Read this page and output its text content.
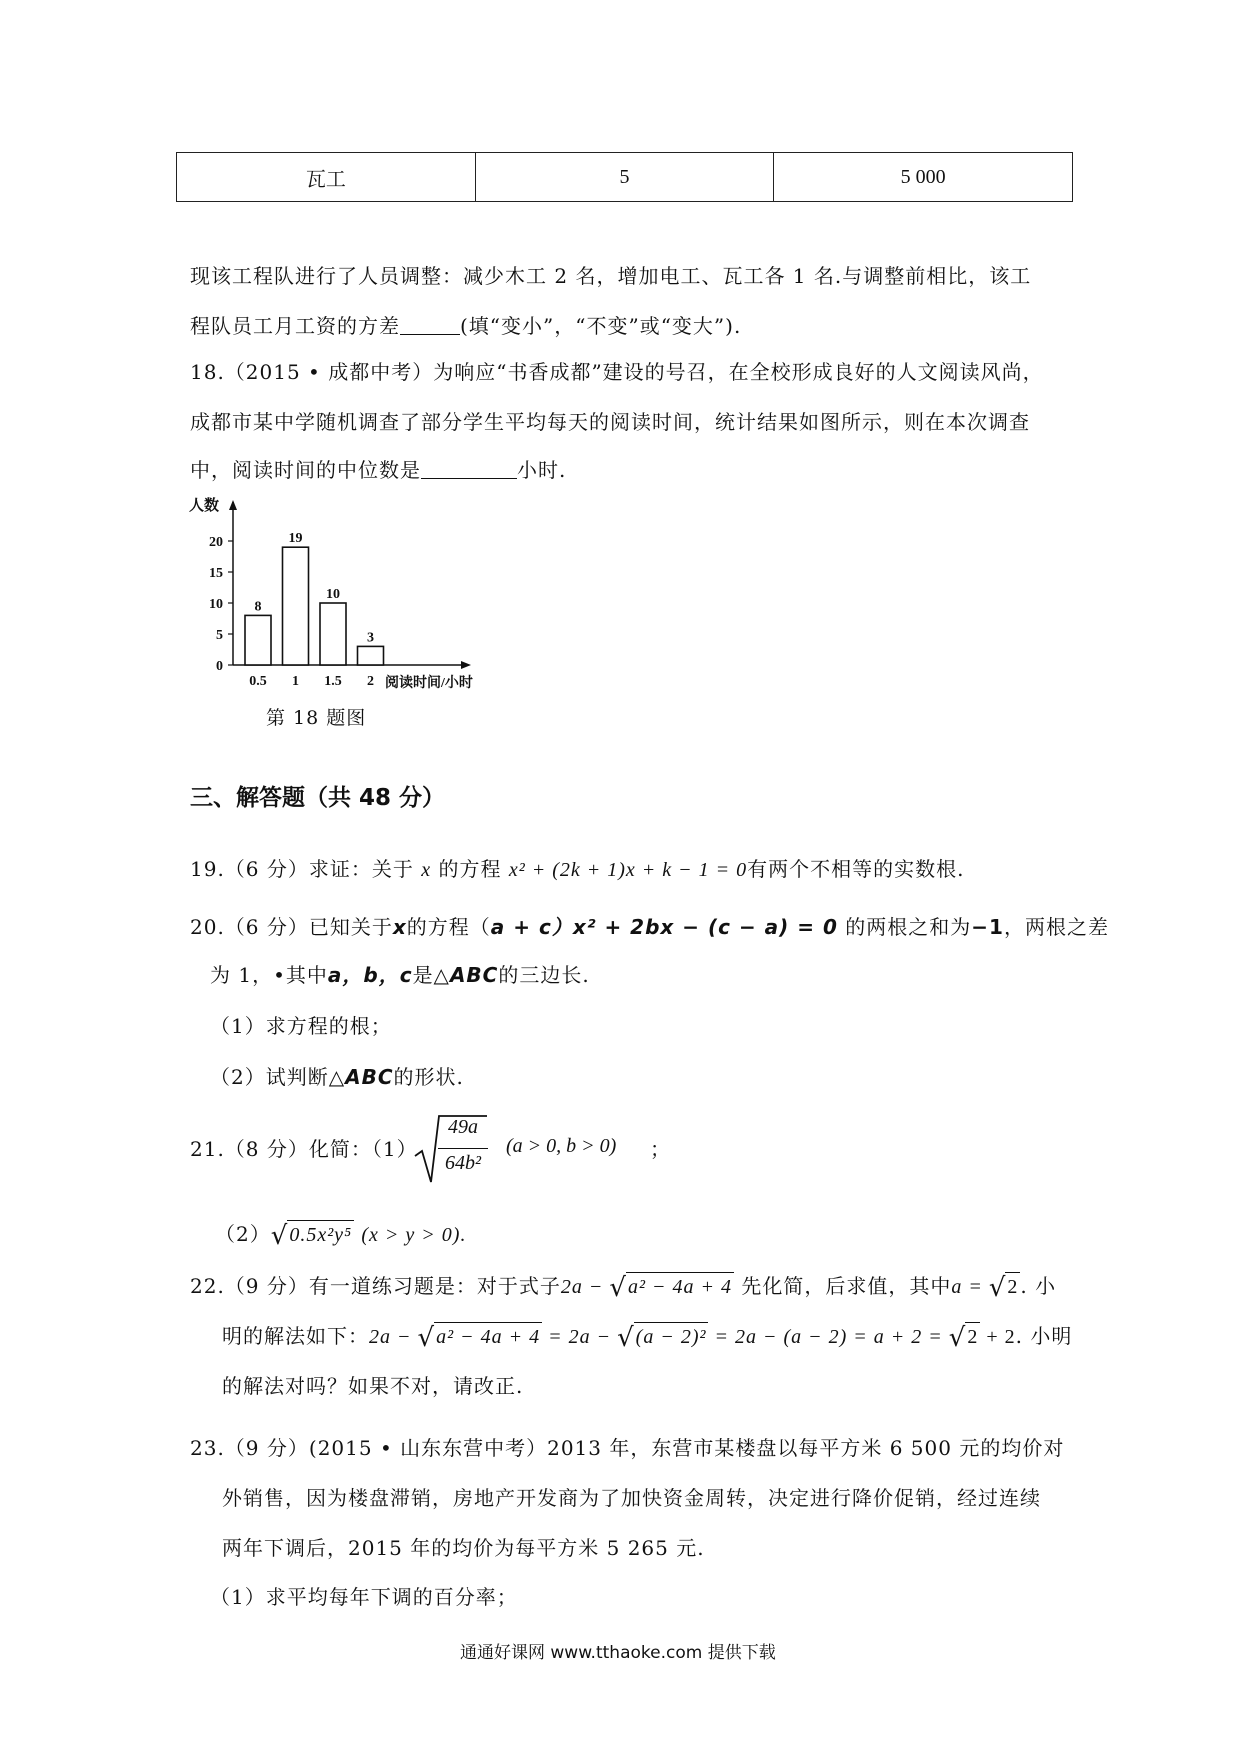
瓦工	5	5 000
现该工程队进行了人员调整：减少木工 2 名，增加电工、瓦工各 1 名.与调整前相比，该工
程队员工月工资的方差	(填“变小”，“不变”或“变大”).
18.（2015 • 成都中考）为响应“书香成都”建设的号召，在全校形成良好的人文阅读风尚，
成都市某中学随机调查了部分学生平均每天的阅读时间，统计结果如图所示，则在本次调查
中，阅读时间的中位数是	小时.
0
5
10
15
20
人数
8
0.5
19
1
10
1.5
3
2 阅读时间/小时
第 18 题图
三、解答题（共 48 分）
19.（6 分）求证：关于 x 的方程 x² + (2k + 1)x + k − 1 = 0有两个不相等的实数根.
20.（6 分）已知关于x的方程（a + c）x² + 2bx − (c − a) = 0 的两根之和为−1，两根之差
为 1，•其中a，b，c是△ABC的三边长.
（1）求方程的根；
（2）试判断△ABC的形状.
21.（8 分）化简：（1）
49a
64b²
(a > 0, b > 0) ；
（2）√0.5x²y⁵ (x > y > 0).
22.（9 分）有一道练习题是：对于式子2a − √a² − 4a + 4 先化简，后求值，其中a = √2 . 小
明的解法如下：2a − √a² − 4a + 4 = 2a − √(a − 2)² = 2a − (a − 2) = a + 2 = √2 + 2. 小明
的解法对吗？如果不对，请改正.
23.（9 分）(2015 • 山东东营中考）2013 年，东营市某楼盘以每平方米 6 500 元的均价对
外销售，因为楼盘滞销，房地产开发商为了加快资金周转，决定进行降价促销，经过连续
两年下调后，2015 年的均价为每平方米 5 265 元.
（1）求平均每年下调的百分率；
通通好课网 www.tthaoke.com 提供下载
